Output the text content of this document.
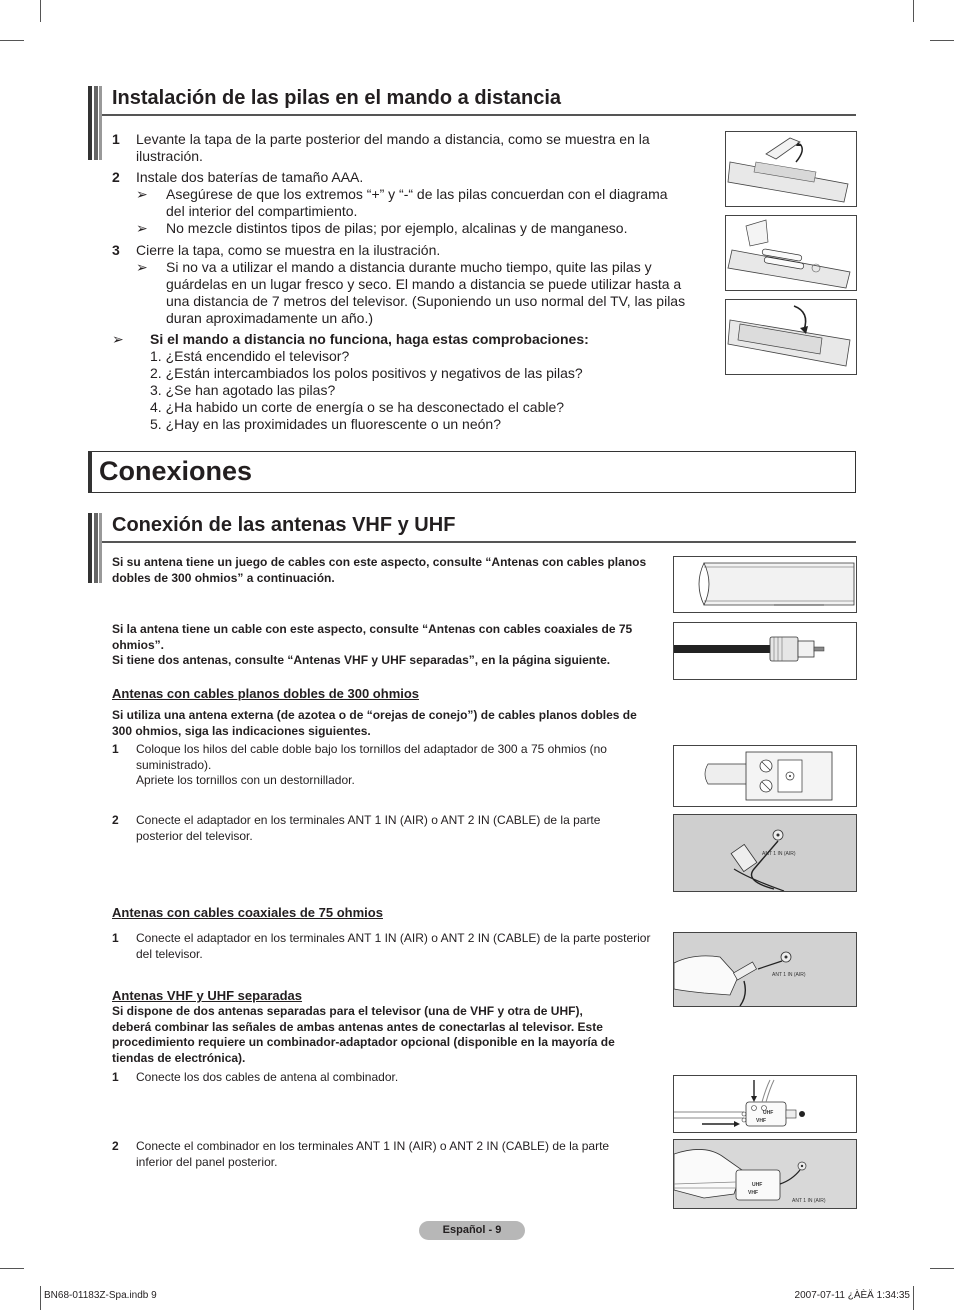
Instalación de las pilas en el mando a distancia
1 Levante la tapa de la parte posterior del mando a distancia, como se muestra en la
ilustración.
2 Instale dos baterías de tamaño AAA.
➢ Asegúrese de que los extremos “+” y “-“ de las pilas concuerdan con el diagrama
del interior del compartimiento.
➢ No mezcle distintos tipos de pilas; por ejemplo, alcalinas y de manganeso.
3 Cierre la tapa, como se muestra en la ilustración.
➢ Si no va a utilizar el mando a distancia durante mucho tiempo, quite las pilas y
guárdelas en un lugar fresco y seco. El mando a distancia se puede utilizar hasta a
una distancia de 7 metros del televisor. (Suponiendo un uso normal del TV, las pilas
duran aproximadamente un año.)
➢ Si el mando a distancia no funciona, haga estas comprobaciones:
1. ¿Está encendido el televisor?
2. ¿Están intercambiados los polos positivos y negativos de las pilas?
3. ¿Se han agotado las pilas?
4. ¿Ha habido un corte de energía o se ha desconectado el cable?
5. ¿Hay en las proximidades un fluorescente o un neón?
Conexiones
Conexión de las antenas VHF y UHF
Si su antena tiene un juego de cables con este aspecto, consulte “Antenas con cables planos
dobles de 300 ohmios” a continuación.
Si la antena tiene un cable con este aspecto, consulte “Antenas con cables coaxiales de 75
ohmios”.
Si tiene dos antenas, consulte “Antenas VHF y UHF separadas”, en la página siguiente.
Antenas con cables planos dobles de 300 ohmios
Si utiliza una antena externa (de azotea o de “orejas de conejo”) de cables planos dobles de
300 ohmios, siga las indicaciones siguientes.
1 Coloque los hilos del cable doble bajo los tornillos del adaptador de 300 a 75 ohmios (no
suministrado).
Apriete los tornillos con un destornillador.
2 Conecte el adaptador en los terminales ANT 1 IN (AIR) o ANT 2 IN (CABLE) de la parte
posterior del televisor.
ANT 1 IN (AIR)
Antenas con cables coaxiales de 75 ohmios
1 Conecte el adaptador en los terminales ANT 1 IN (AIR) o ANT 2 IN (CABLE) de la parte posterior
del televisor.
ANT 1 IN (AIR)
Antenas VHF y UHF separadas
Si dispone de dos antenas separadas para el televisor (una de VHF y otra de UHF),
deberá combinar las señales de ambas antenas antes de conectarlas al televisor. Este
procedimiento requiere un combinador-adaptador opcional (disponible en la mayoría de
tiendas de electrónica).
1 Conecte los dos cables de antena al combinador.
2 Conecte el combinador en los terminales ANT 1 IN (AIR) o ANT 2 IN (CABLE) de la parte
inferior del panel posterior.
UHF
VHF
UHF
VHF
ANT 1 IN (AIR)
Español - 9
BN68-01183Z-Spa.indb 9	2007-07-11 ¿ÀÈÄ 1:34:35
